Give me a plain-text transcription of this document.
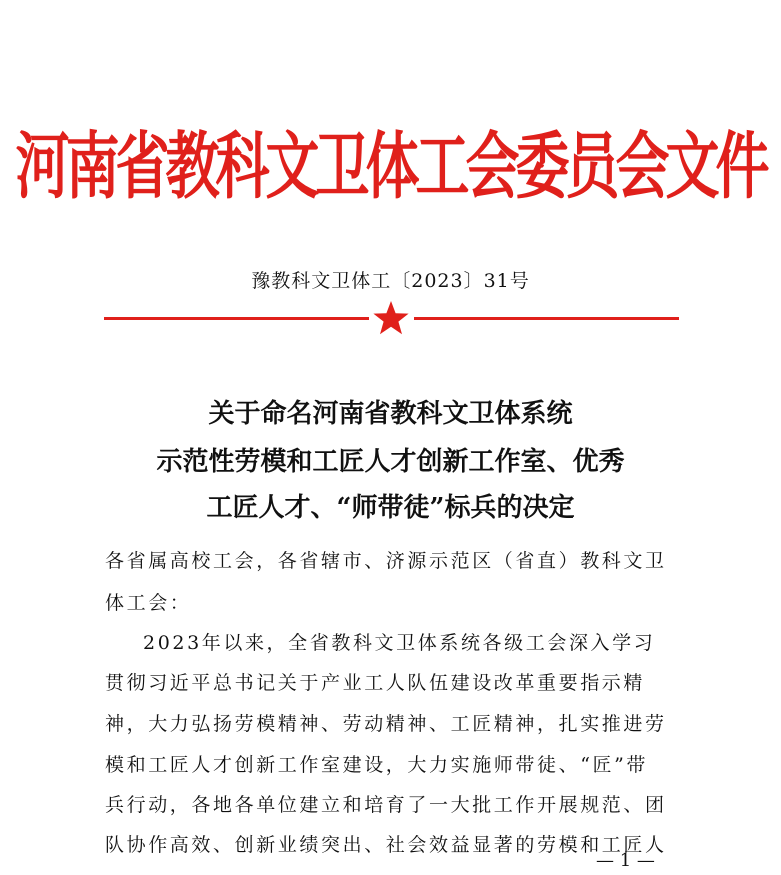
河南省教科文卫体工会委员会文件
豫教科文卫体工〔2023〕31号
关于命名河南省教科文卫体系统
示范性劳模和工匠人才创新工作室、优秀
工匠人才、“师带徒”标兵的决定
各省属高校工会，各省辖市、济源示范区（省直）教科文卫
体工会：
2023年以来，全省教科文卫体系统各级工会深入学习
贯彻习近平总书记关于产业工人队伍建设改革重要指示精
神，大力弘扬劳模精神、劳动精神、工匠精神，扎实推进劳
模和工匠人才创新工作室建设，大力实施师带徒、“匠”带
兵行动，各地各单位建立和培育了一大批工作开展规范、团
队协作高效、创新业绩突出、社会效益显著的劳模和工匠人
— 1 —
